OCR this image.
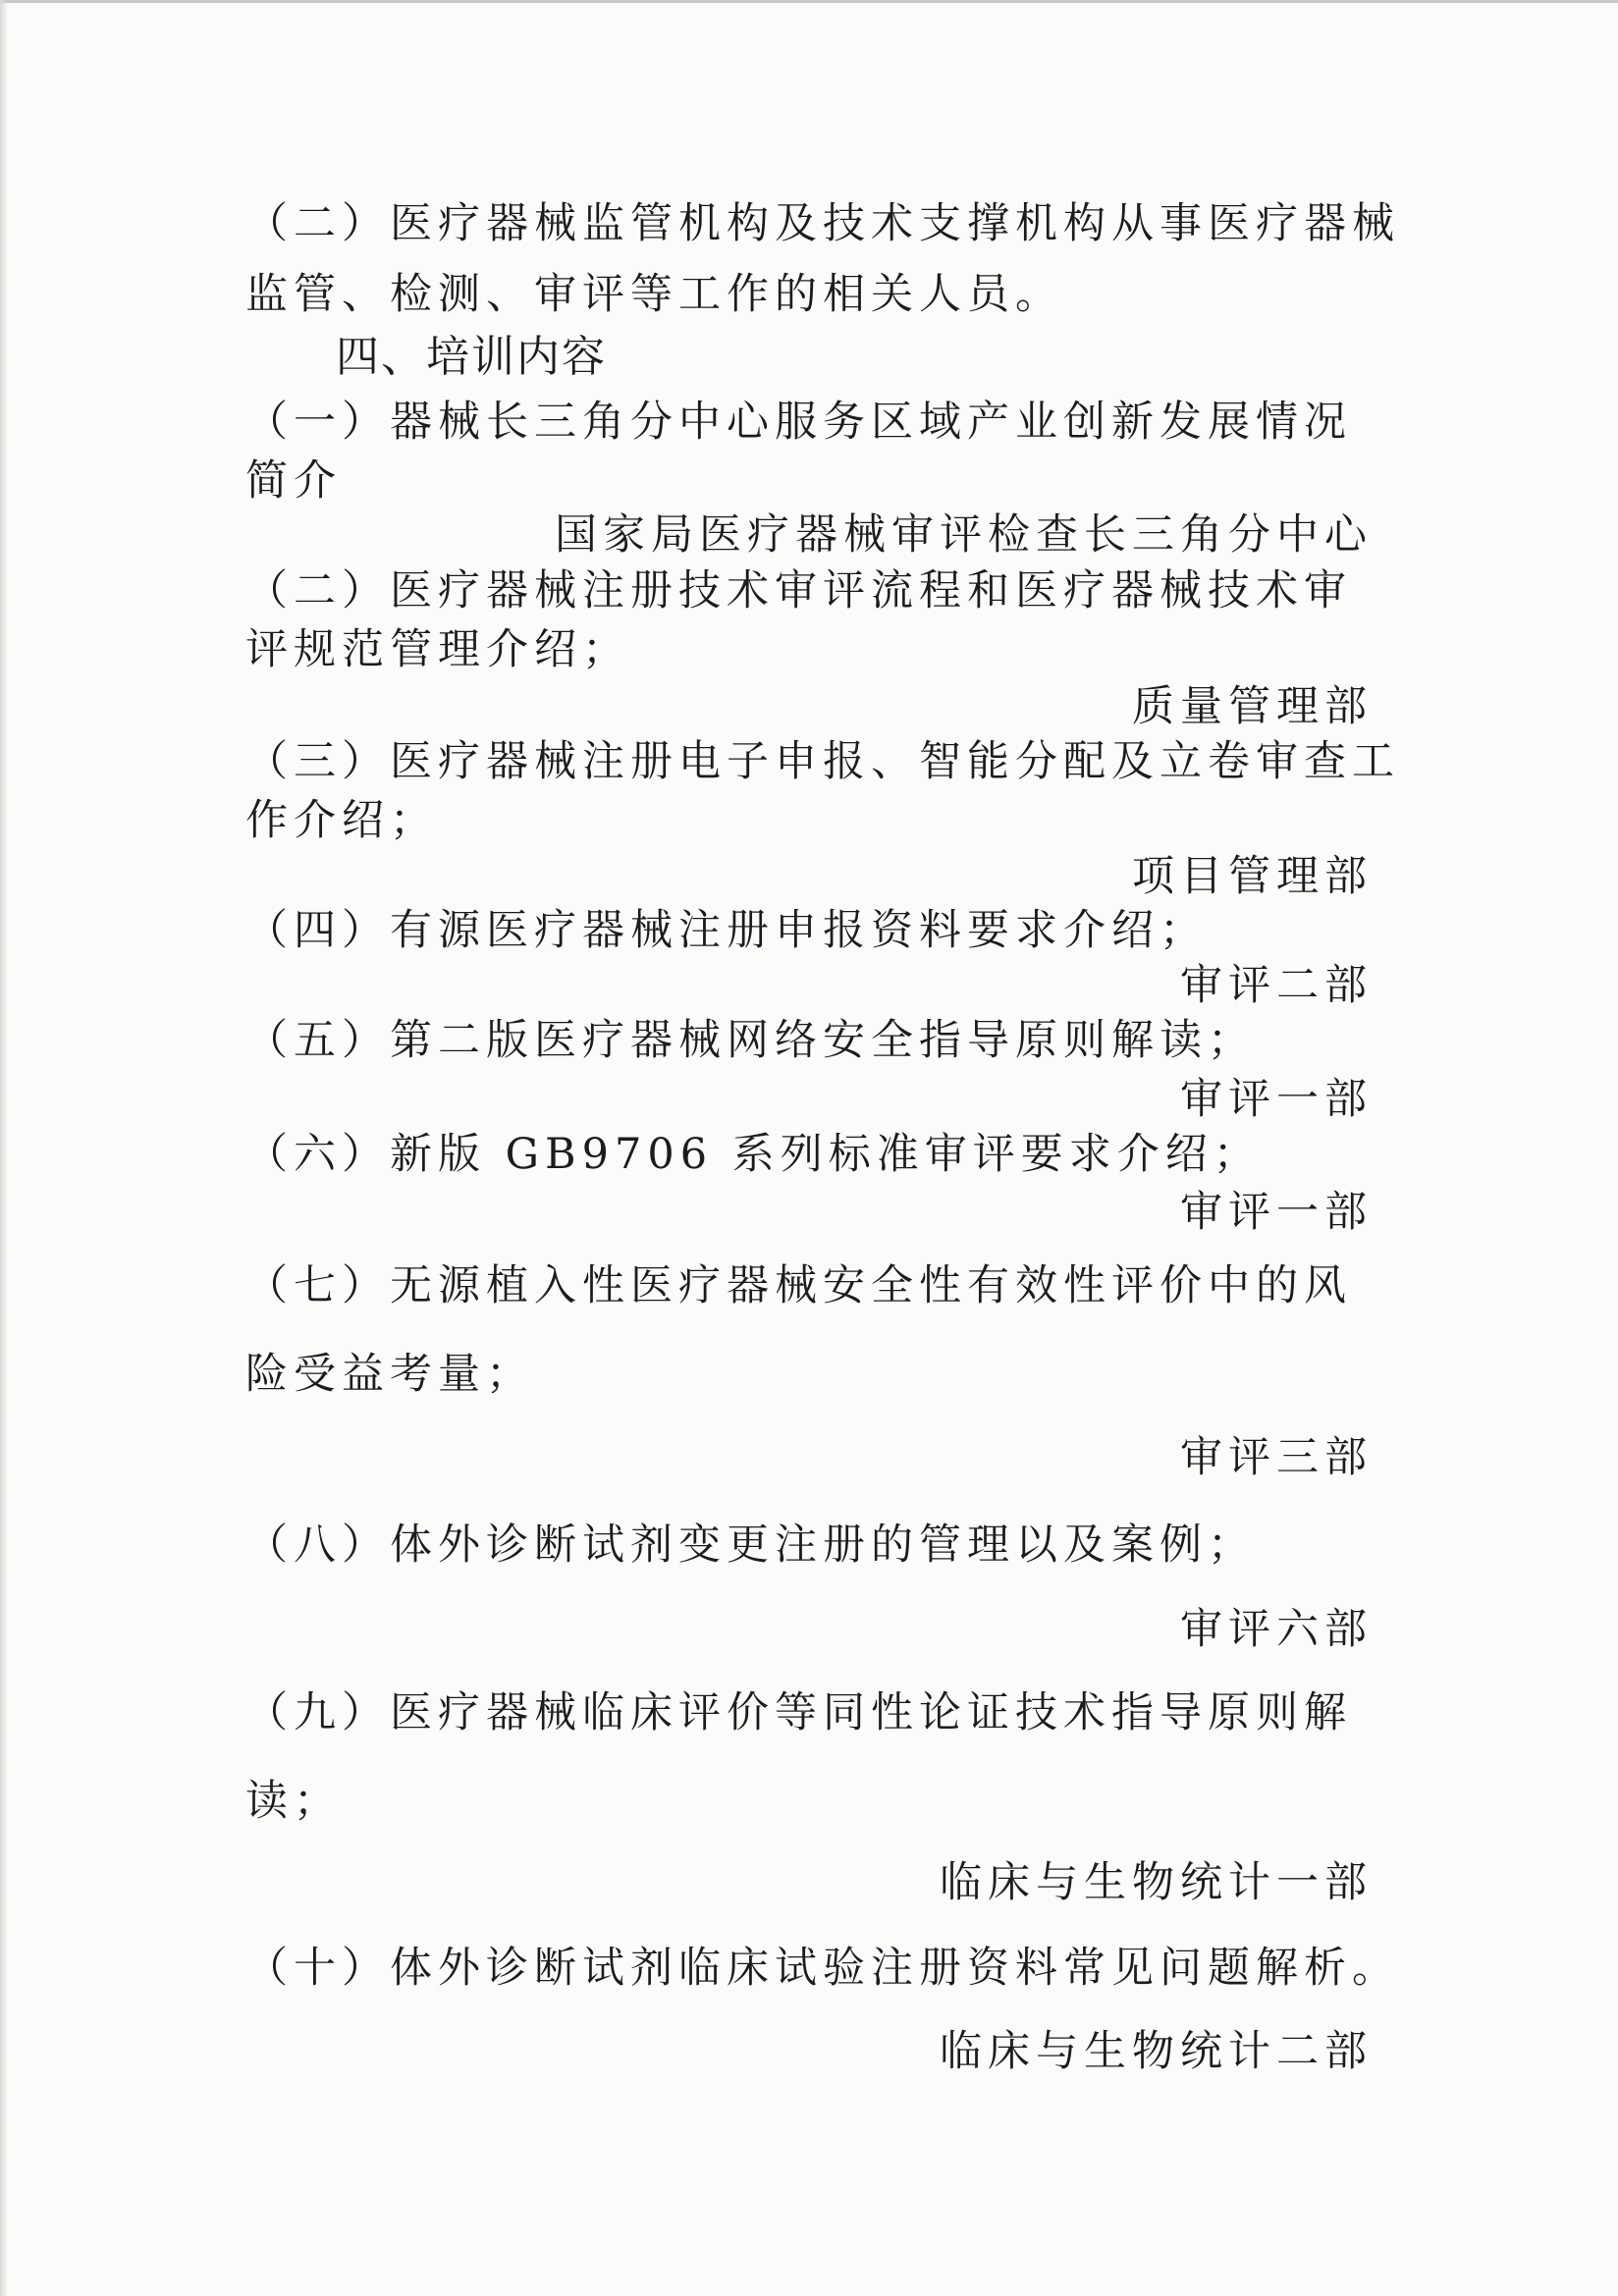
（二）医疗器械监管机构及技术支撑机构从事医疗器械

监管、检测、审评等工作的相关人员。

四、培训内容

（一）器械长三角分中心服务区域产业创新发展情况

简介

国家局医疗器械审评检查长三角分中心

（二）医疗器械注册技术审评流程和医疗器械技术审

评规范管理介绍；

质量管理部

（三）医疗器械注册电子申报、智能分配及立卷审查工

作介绍；

项目管理部

（四）有源医疗器械注册申报资料要求介绍；

审评二部

（五）第二版医疗器械网络安全指导原则解读；

审评一部

（六）新版 GB9706 系列标准审评要求介绍；

审评一部

（七）无源植入性医疗器械安全性有效性评价中的风

险受益考量；

审评三部

（八）体外诊断试剂变更注册的管理以及案例；

审评六部

（九）医疗器械临床评价等同性论证技术指导原则解

读；

临床与生物统计一部

（十）体外诊断试剂临床试验注册资料常见问题解析。

临床与生物统计二部
